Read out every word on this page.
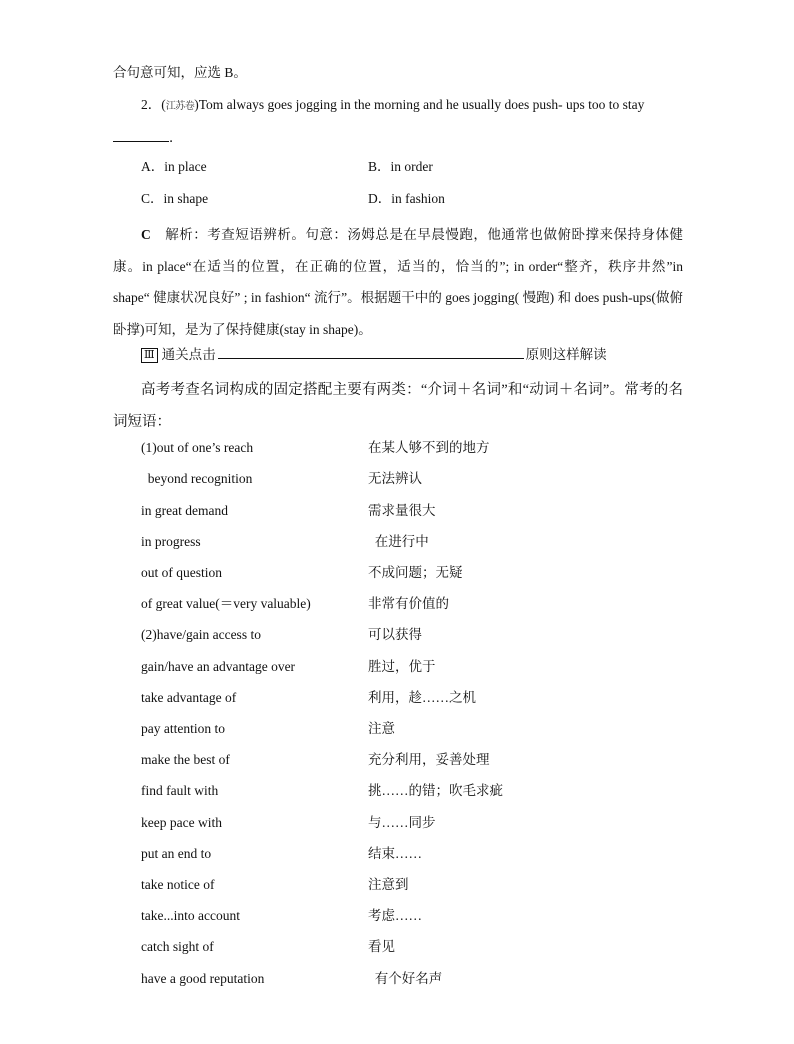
合句意可知，应选 B。
2．(江苏卷)Tom always goes jogging in the morning and he usually does push- ups too to stay
．
A．in place	B．in order
C．in shape	D．in fashion
C　解析：考查短语辨析。句意：汤姆总是在早晨慢跑，他通常也做俯卧撑来保持身体健康。in place“在适当的位置，在正确的位置，适当的，恰当的”; in order“整齐，秩序井然”in shape“ 健康状况良好” ; in fashion“ 流行”。根据题干中的 goes jogging( 慢跑) 和 does push-ups(做俯卧撑)可知，是为了保持健康(stay in shape)。
Ⅲ 通关点击	原则这样解读
高考考查名词构成的固定搭配主要有两类：“介词＋名词”和“动词＋名词”。常考的名词短语：
(1)out of one’s reach	在某人够不到的地方
beyond recognition	无法辨认
in great demand	需求量很大
in progress	在进行中
out of question	不成问题；无疑
of great value(＝very valuable)	非常有价值的
(2)have/gain access to	可以获得
gain/have an advantage over	胜过，优于
take advantage of	利用，趁……之机
pay attention to	注意
make the best of	充分利用，妥善处理
find fault with	挑……的错；吹毛求疵
keep pace with	与……同步
put an end to	结束……
take notice of	注意到
take...into account	考虑……
catch sight of	看见
have a good reputation	有个好名声
